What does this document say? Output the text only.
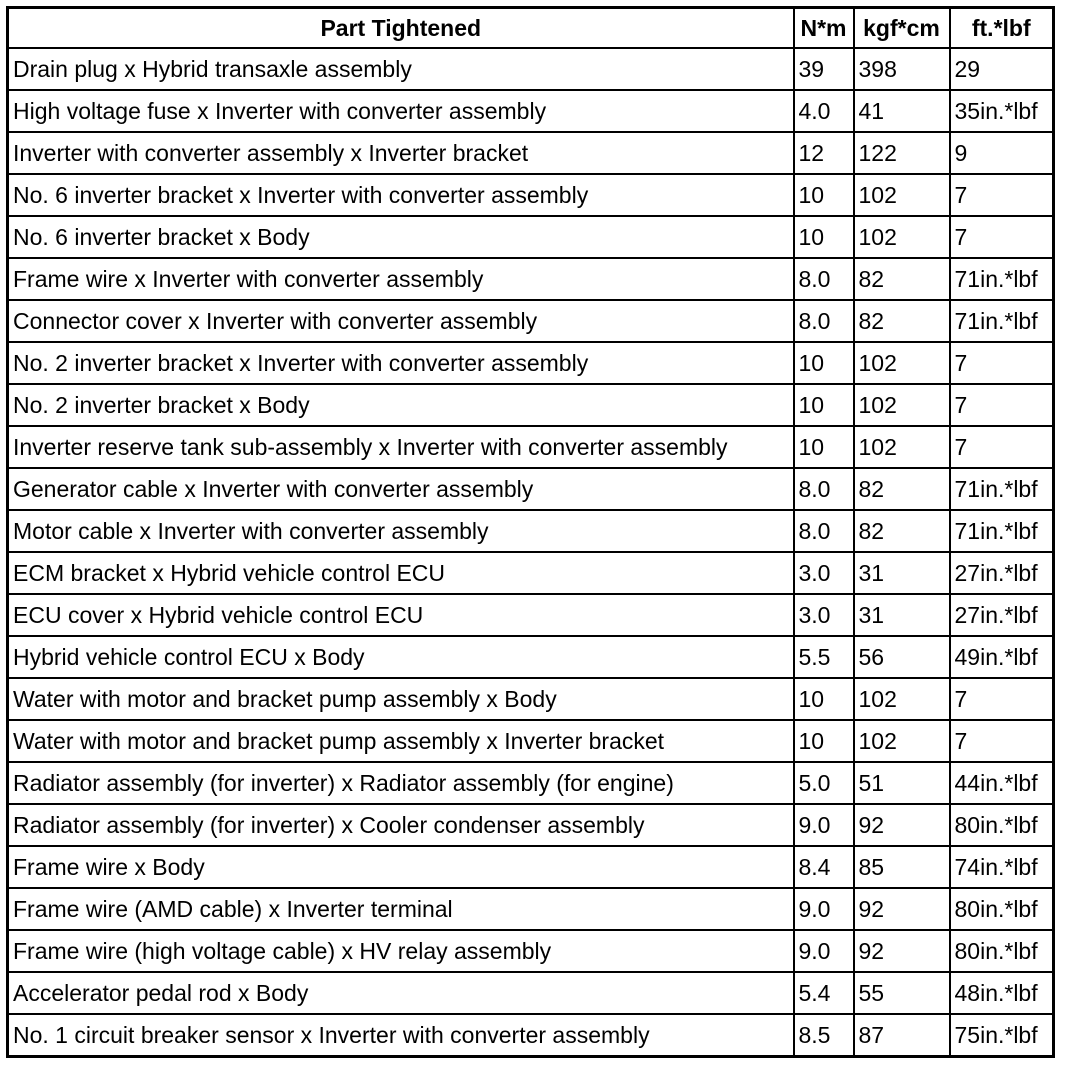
Part Tightened	N*m	kgf*cm	ft.*lbf
Drain plug x Hybrid transaxle assembly	39	398	29
High voltage fuse x Inverter with converter assembly	4.0	41	35in.*lbf
Inverter with converter assembly x Inverter bracket	12	122	9
No. 6 inverter bracket x Inverter with converter assembly	10	102	7
No. 6 inverter bracket x Body	10	102	7
Frame wire x Inverter with converter assembly	8.0	82	71in.*lbf
Connector cover x Inverter with converter assembly	8.0	82	71in.*lbf
No. 2 inverter bracket x Inverter with converter assembly	10	102	7
No. 2 inverter bracket x Body	10	102	7
Inverter reserve tank sub-assembly x Inverter with converter assembly	10	102	7
Generator cable x Inverter with converter assembly	8.0	82	71in.*lbf
Motor cable x Inverter with converter assembly	8.0	82	71in.*lbf
ECM bracket x Hybrid vehicle control ECU	3.0	31	27in.*lbf
ECU cover x Hybrid vehicle control ECU	3.0	31	27in.*lbf
Hybrid vehicle control ECU x Body	5.5	56	49in.*lbf
Water with motor and bracket pump assembly x Body	10	102	7
Water with motor and bracket pump assembly x Inverter bracket	10	102	7
Radiator assembly (for inverter) x Radiator assembly (for engine)	5.0	51	44in.*lbf
Radiator assembly (for inverter) x Cooler condenser assembly	9.0	92	80in.*lbf
Frame wire x Body	8.4	85	74in.*lbf
Frame wire (AMD cable) x Inverter terminal	9.0	92	80in.*lbf
Frame wire (high voltage cable) x HV relay assembly	9.0	92	80in.*lbf
Accelerator pedal rod x Body	5.4	55	48in.*lbf
No. 1 circuit breaker sensor x Inverter with converter assembly	8.5	87	75in.*lbf
